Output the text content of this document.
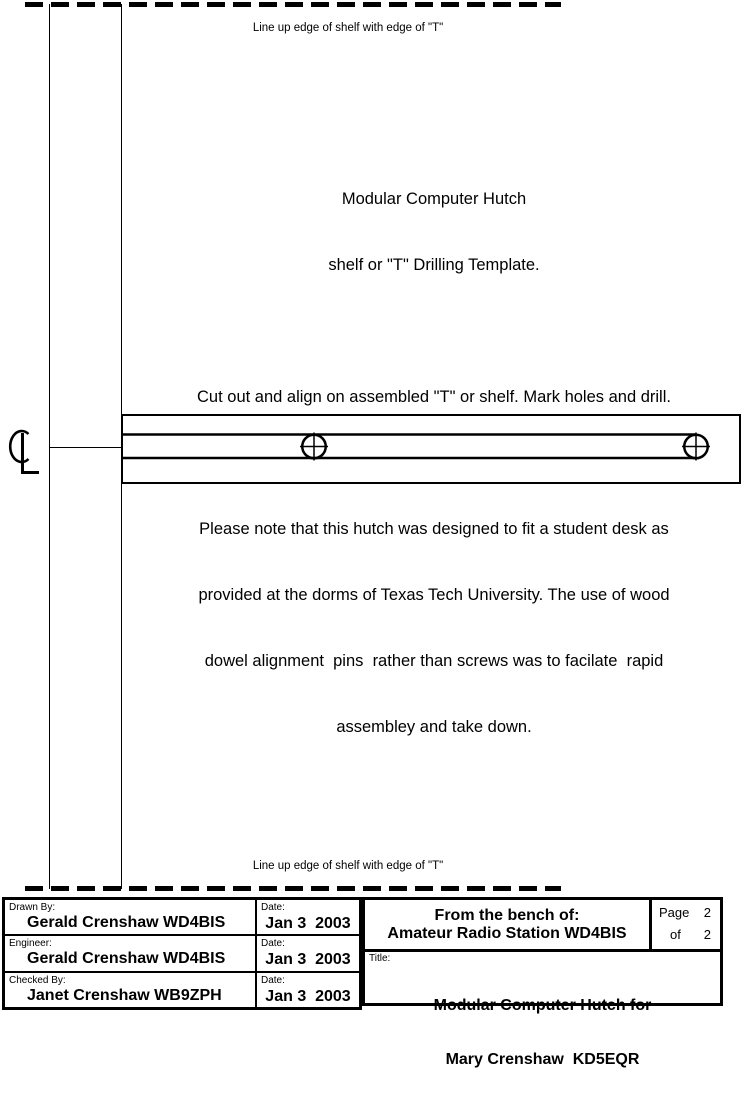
Line up edge of shelf with edge of "T"

Modular Computer Hutch

shelf or "T" Drilling Template.

Cut out and align on assembled "T" or shelf. Mark holes and drill.

Please note that this hutch was designed to fit a student desk as

provided at the dorms of Texas Tech University. The use of wood

dowel alignment  pins  rather than screws was to facilate  rapid

assembley and take down.

Line up edge of shelf with edge of "T"
Drawn By:
Gerald Crenshaw WD4BIS
Date:
Jan 3  2003
Engineer:
Gerald Crenshaw WD4BIS
Date:
Jan 3  2003
Checked By:
Janet Crenshaw WB9ZPH
Date:
Jan 3  2003
From the bench of:
Amateur Radio Station WD4BIS
Page 2
of 2
Title:

Modular Computer Hutch for

Mary Crenshaw  KD5EQR
